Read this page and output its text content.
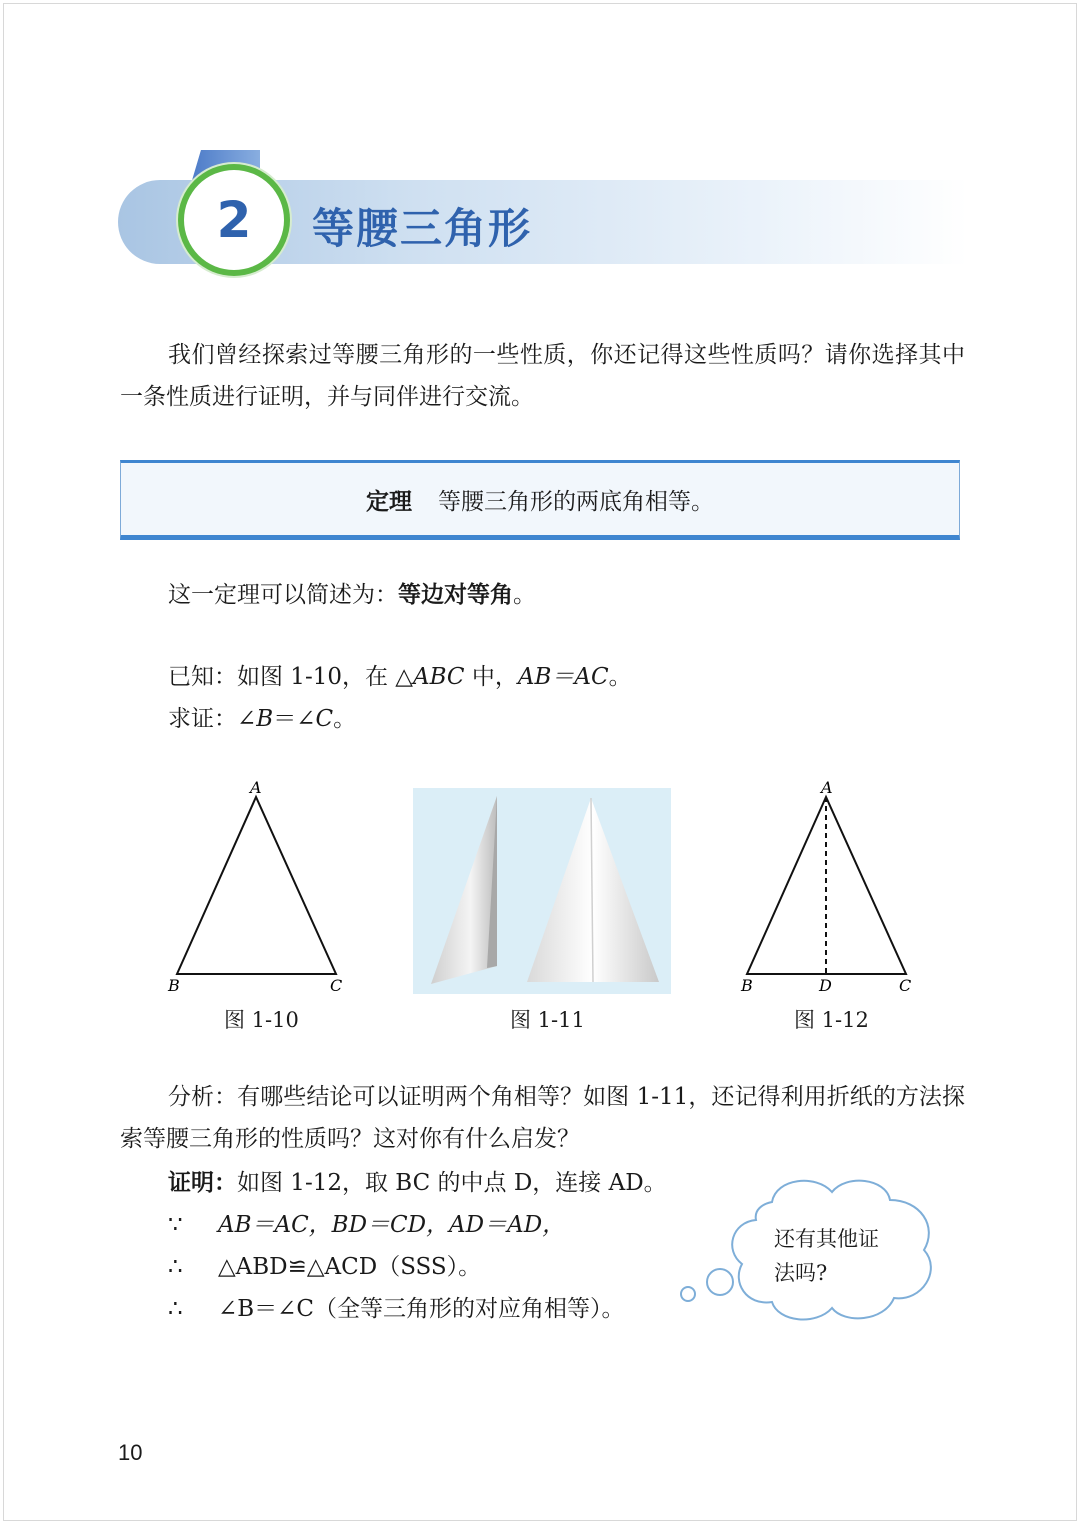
2	等腰三角形
我们曾经探索过等腰三角形的一些性质，你还记得这些性质吗？请你选择其中一条性质进行证明，并与同伴进行交流。
定理 等腰三角形的两底角相等。
这一定理可以简述为：等边对等角。
已知：如图 1-10，在 △ABC 中，AB＝AC。
求证：∠B＝∠C。
A
B	C
图 1-10	图 1-11
A
B	D	C
图 1-12
分析：有哪些结论可以证明两个角相等？如图 1-11，还记得利用折纸的方法探索等腰三角形的性质吗？这对你有什么启发？
证明：如图 1-12，取 BC 的中点 D，连接 AD。
∵ AB＝AC，BD＝CD，AD＝AD，
∴ △ABD≌△ACD（SSS）。
∴ ∠B＝∠C（全等三角形的对应角相等）。
还有其他证
法吗?
10
